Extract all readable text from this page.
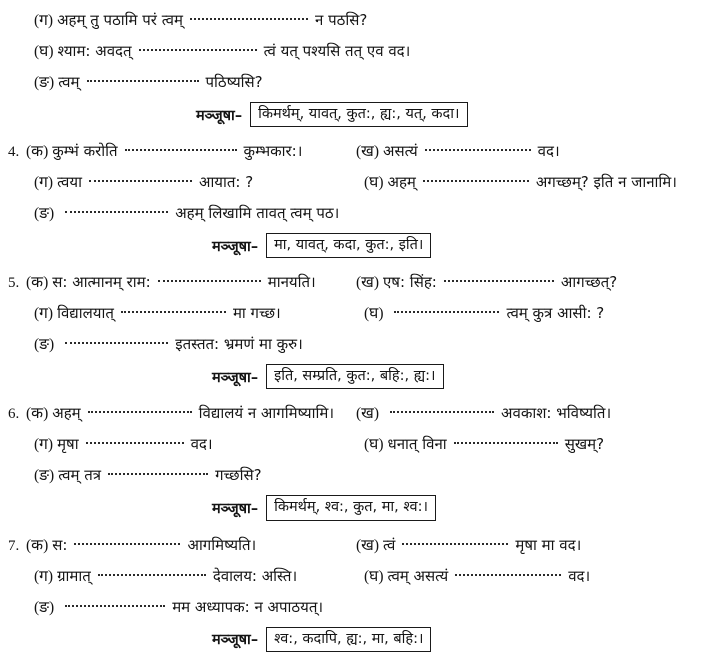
(ग) अहम् तु पठामि परं त्वम्	न पठसि?
(घ) श्याम: अवदत्	त्वं यत् पश्यसि तत् एव वद।
(ङ) त्वम्	पठिष्यसि?
मञ्जूषा–	किमर्थम्, यावत्, कुत:, ह्य:, यत्, कदा।
4. (क) कुम्भं करोति	कुम्भकार:।	(ख) असत्यं	वद।
(ग) त्वया	आयात: ?	(घ) अहम्	अगच्छम्? इति न जानामि।
(ङ)	अहम् लिखामि तावत् त्वम् पठ।
मञ्जूषा–	मा, यावत्, कदा, कुत:, इति।
5. (क) स: आत्मानम् राम:	मानयति।	(ख) एष: सिंह:	आगच्छत्?
(ग) विद्यालयात्	मा गच्छ।	(घ)	त्वम् कुत्र आसी: ?
(ङ)	इतस्तत: भ्रमणं मा कुरु।
मञ्जूषा–	इति, सम्प्रति, कुत:, बहि:, ह्य:।
6. (क) अहम्	विद्यालयं न आगमिष्यामि। (ख)	अवकाश: भविष्यति।
(ग) मृषा	वद।	(घ) धनात् विना	सुखम्?
(ङ) त्वम् तत्र	गच्छसि?
मञ्जूषा–	किमर्थम्, श्व:, कुत, मा, श्व:।
7. (क) स:	आगमिष्यति।	(ख) त्वं	मृषा मा वद।
(ग) ग्रामात्	देवालय: अस्ति।	(घ) त्वम् असत्यं	वद।
(ङ)	मम अध्यापक: न अपाठयत्।
मञ्जूषा–	श्व:, कदापि, ह्य:, मा, बहि:।
